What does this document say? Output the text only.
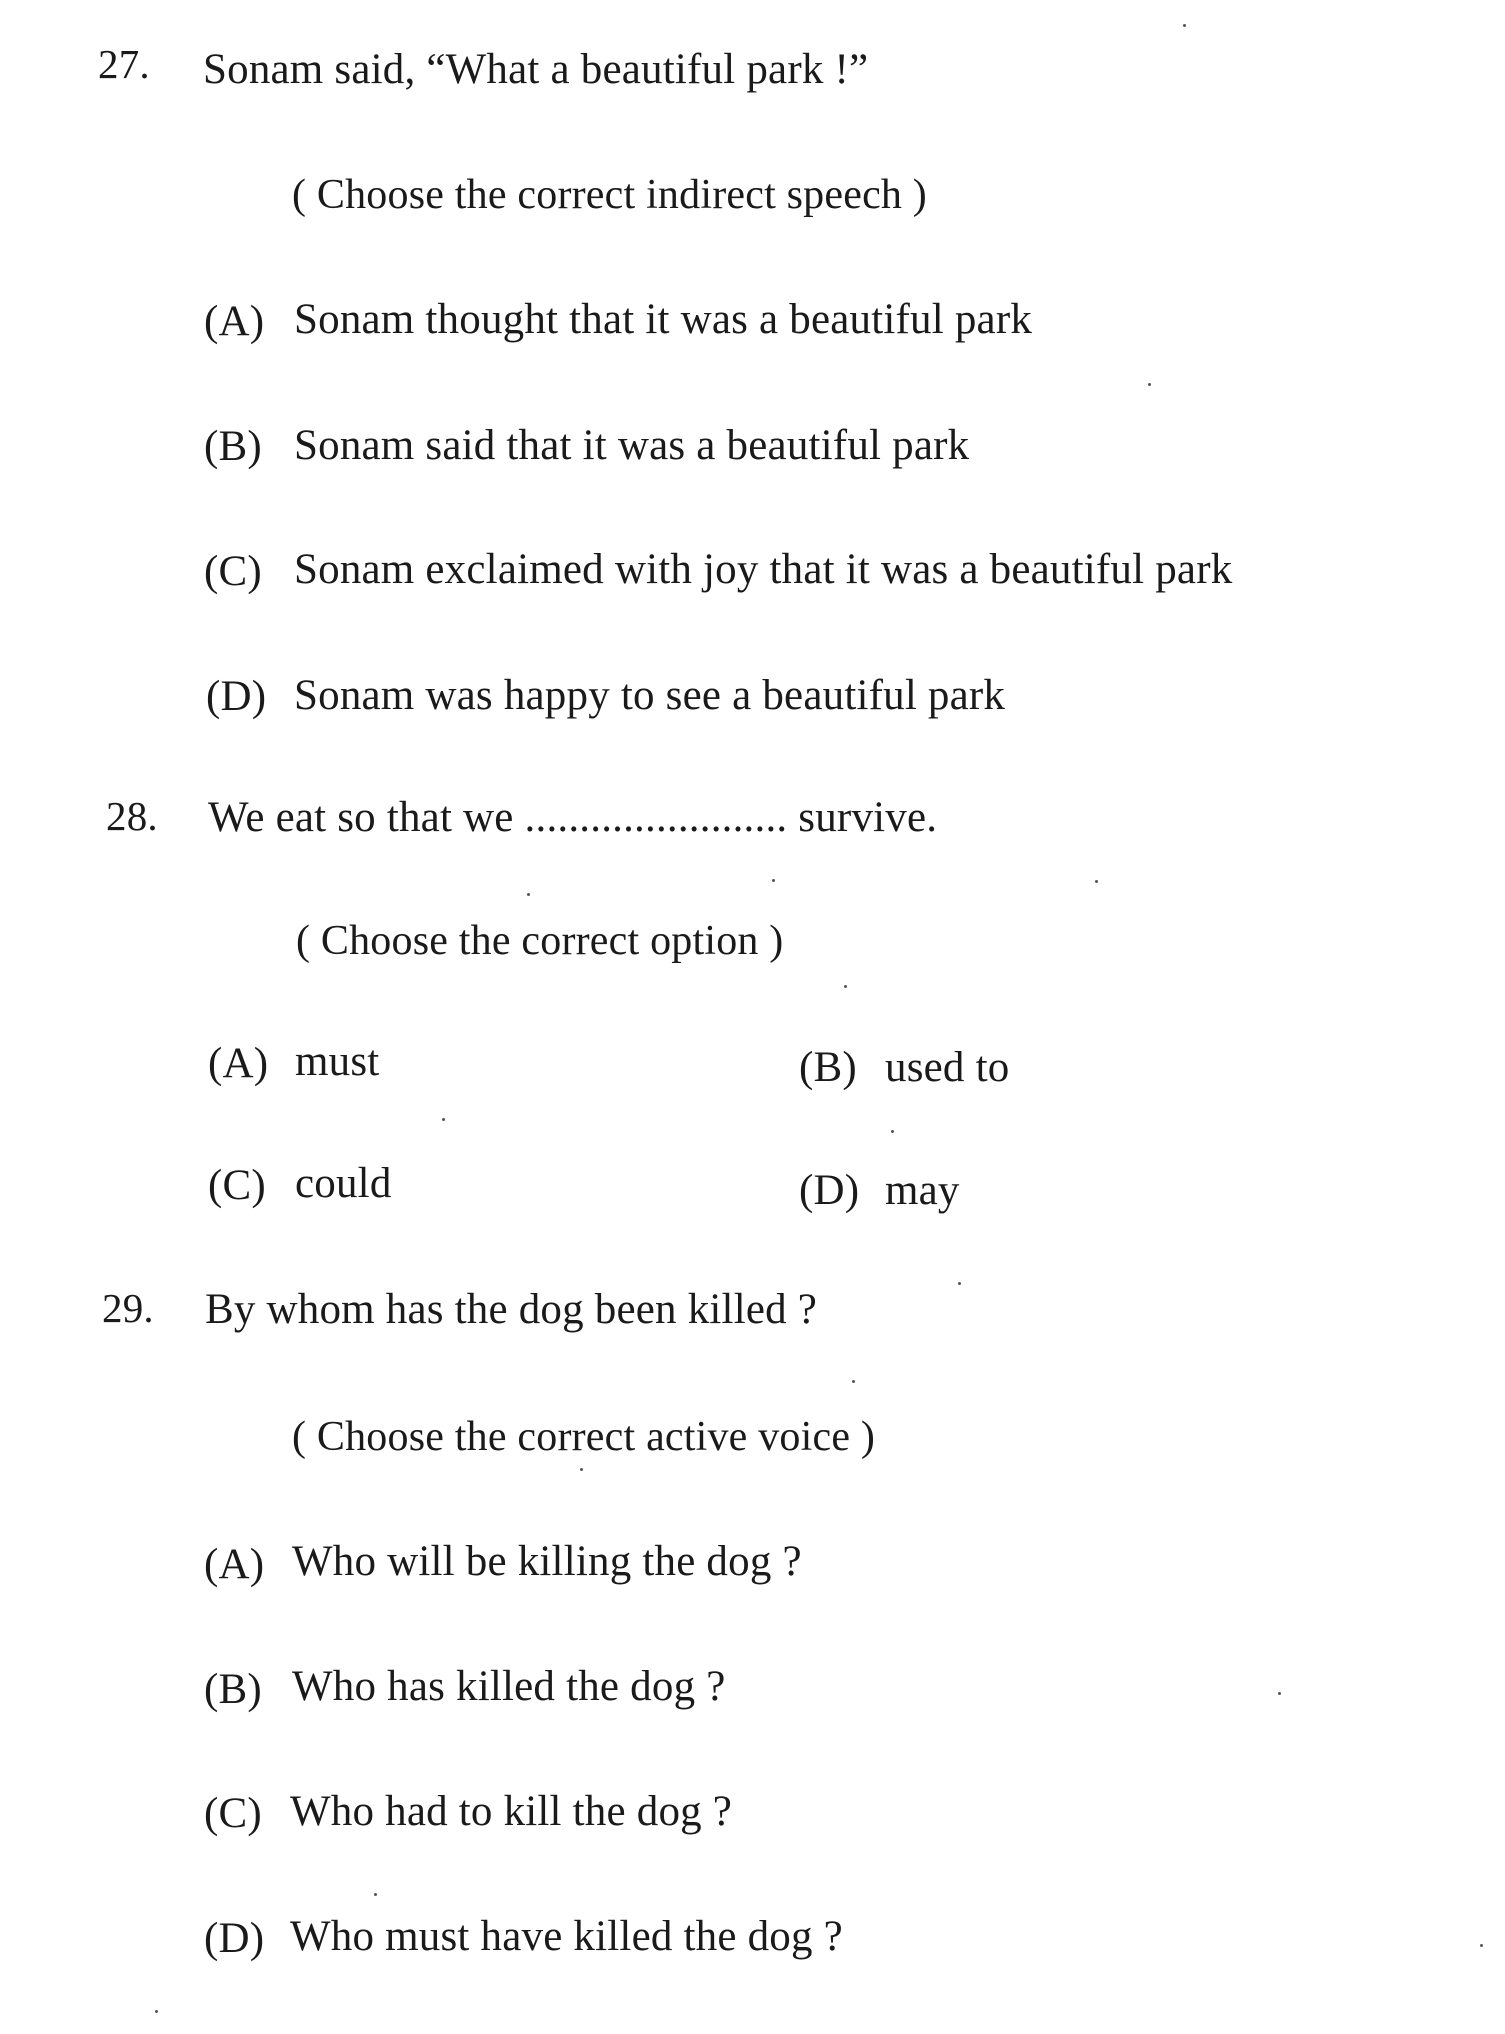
27. Sonam said, “What a beautiful park !”
( Choose the correct indirect speech )
(A) Sonam thought that it was a beautiful park
(B) Sonam said that it was a beautiful park
(C) Sonam exclaimed with joy that it was a beautiful park
(D) Sonam was happy to see a beautiful park
28. We eat so that we ........................ survive.
( Choose the correct option )
(A) must	(B) used to
(C) could	(D) may
29. By whom has the dog been killed ?
( Choose the correct active voice )
(A) Who will be killing the dog ?
(B) Who has killed the dog ?
(C) Who had to kill the dog ?
(D) Who must have killed the dog ?
